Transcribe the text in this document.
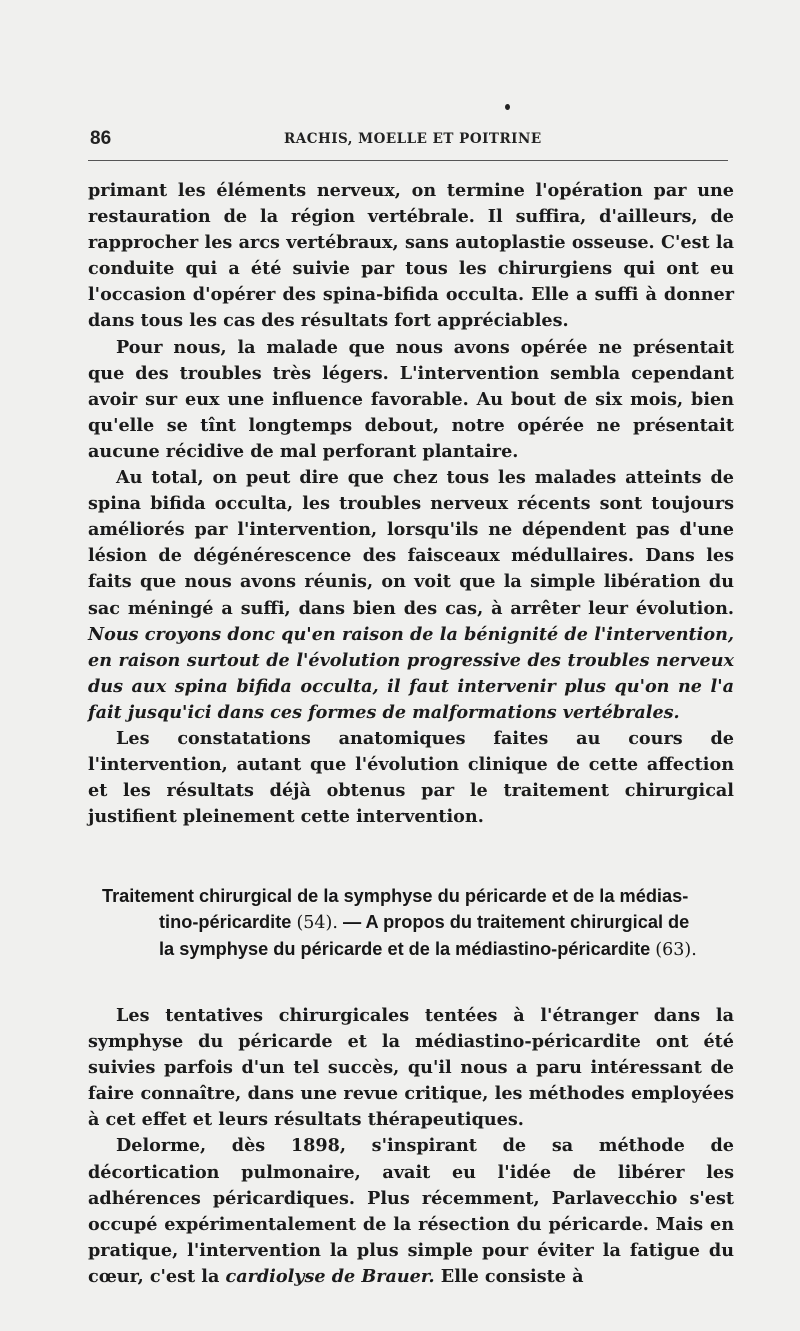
86	RACHIS, MOELLE ET POITRINE

primant les éléments nerveux, on termine l'opération par une restauration de la région vertébrale. Il suffira, d'ailleurs, de rapprocher les arcs vertébraux, sans autoplastie osseuse. C'est la conduite qui a été suivie par tous les chirurgiens qui ont eu l'occasion d'opérer des spina-bifida occulta. Elle a suffi à donner dans tous les cas des résultats fort appréciables.

Pour nous, la malade que nous avons opérée ne présentait que des troubles très légers. L'intervention sembla cependant avoir sur eux une influence favorable. Au bout de six mois, bien qu'elle se tînt longtemps debout, notre opérée ne présentait aucune récidive de mal perforant plantaire.

Au total, on peut dire que chez tous les malades atteints de spina bifida occulta, les troubles nerveux récents sont toujours améliorés par l'intervention, lorsqu'ils ne dépendent pas d'une lésion de dégénérescence des faisceaux médullaires. Dans les faits que nous avons réunis, on voit que la simple libération du sac méningé a suffi, dans bien des cas, à arrêter leur évolution. Nous croyons donc qu'en raison de la bénignité de l'intervention, en raison surtout de l'évolution progressive des troubles nerveux dus aux spina bifida occulta, il faut intervenir plus qu'on ne l'a fait jusqu'ici dans ces formes de malformations vertébrales.

Les constatations anatomiques faites au cours de l'intervention, autant que l'évolution clinique de cette affection et les résultats déjà obtenus par le traitement chirurgical justifient pleinement cette intervention.

Traitement chirurgical de la symphyse du péricarde et de la médias-
tino-péricardite (54). — A propos du traitement chirurgical de
la symphyse du péricarde et de la médiastino-péricardite (63).

Les tentatives chirurgicales tentées à l'étranger dans la symphyse du péricarde et la médiastino-péricardite ont été suivies parfois d'un tel succès, qu'il nous a paru intéressant de faire connaître, dans une revue critique, les méthodes employées à cet effet et leurs résultats thérapeutiques.

Delorme, dès 1898, s'inspirant de sa méthode de décortication pulmonaire, avait eu l'idée de libérer les adhérences péricardiques. Plus récemment, Parlavecchio s'est occupé expérimentalement de la résection du péricarde. Mais en pratique, l'intervention la plus simple pour éviter la fatigue du cœur, c'est la cardiolyse de Brauer. Elle consiste à
